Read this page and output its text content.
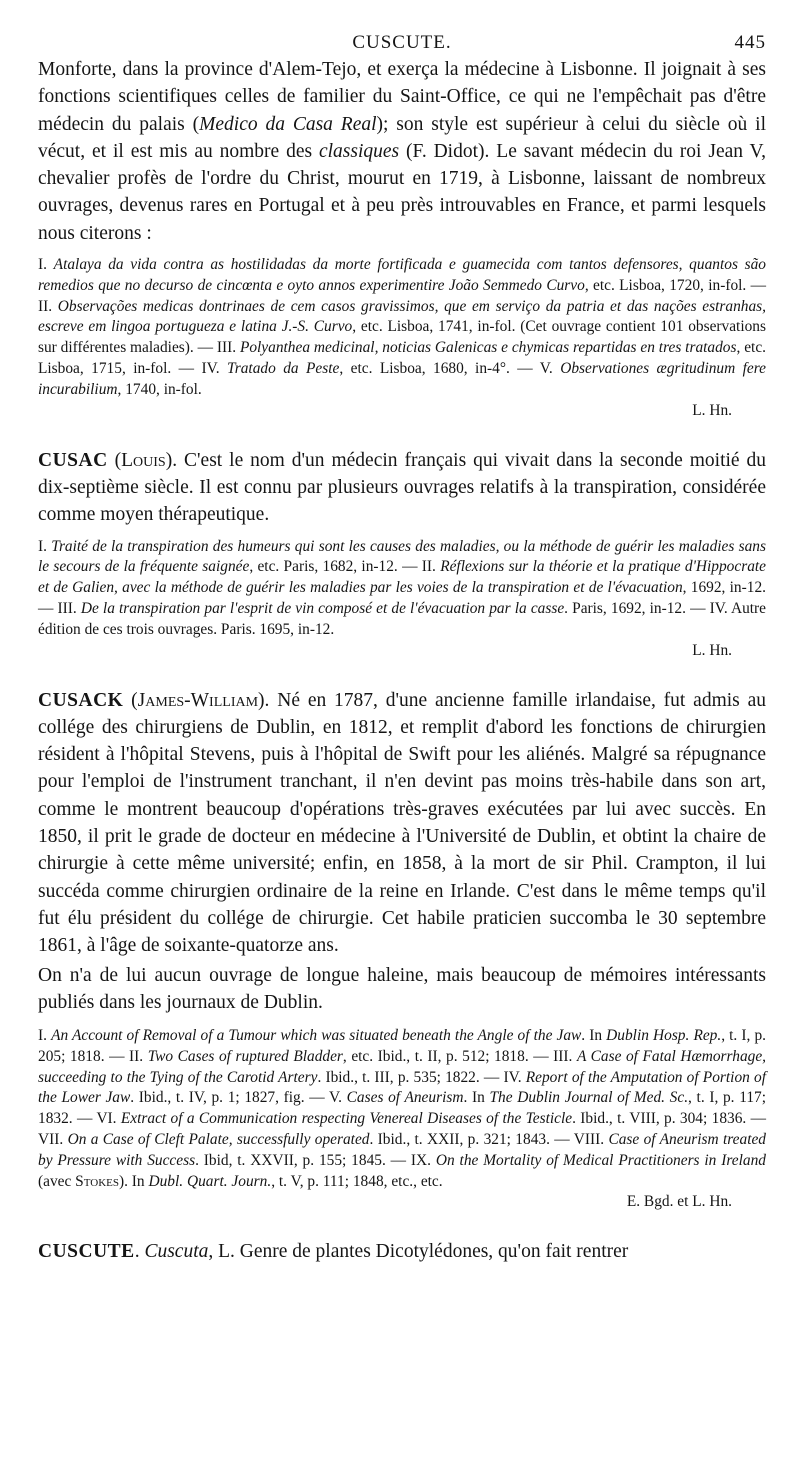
CUSCUTE.	445

Monforte, dans la province d'Alem-Tejo, et exerça la médecine à Lisbonne. Il joignait à ses fonctions scientifiques celles de familier du Saint-Office, ce qui ne l'empêchait pas d'être médecin du palais (Medico da Casa Real); son style est supérieur à celui du siècle où il vécut, et il est mis au nombre des classiques (F. Didot). Le savant médecin du roi Jean V, chevalier profès de l'ordre du Christ, mourut en 1719, à Lisbonne, laissant de nombreux ouvrages, devenus rares en Portugal et à peu près introuvables en France, et parmi lesquels nous citerons :

I. Atalaya da vida contra as hostilidadas da morte fortificada e guamecida com tantos defensores, quantos são remedios que no decurso de cincœnta e oyto annos experimentire João Semmedo Curvo, etc. Lisboa, 1720, in-fol. — II. Observações medicas dontrinaes de cem casos gravissimos, que em serviço da patria et das nações estranhas, escreve em lingoa portugueza e latina J.-S. Curvo, etc. Lisboa, 1741, in-fol. (Cet ouvrage contient 101 observations sur différentes maladies). — III. Polyanthea medicinal, noticias Galenicas e chymicas repartidas en tres tratados, etc. Lisboa, 1715, in-fol. — IV. Tratado da Peste, etc. Lisboa, 1680, in-4°. — V. Observationes ægritudinum fere incurabilium, 1740, in-fol.

L. Hn.

CUSAC (Louis). C'est le nom d'un médecin français qui vivait dans la seconde moitié du dix-septième siècle. Il est connu par plusieurs ouvrages relatifs à la transpiration, considérée comme moyen thérapeutique.

I. Traité de la transpiration des humeurs qui sont les causes des maladies, ou la méthode de guérir les maladies sans le secours de la fréquente saignée, etc. Paris, 1682, in-12. — II. Réflexions sur la théorie et la pratique d'Hippocrate et de Galien, avec la méthode de guérir les maladies par les voies de la transpiration et de l'évacuation, 1692, in-12. — III. De la transpiration par l'esprit de vin composé et de l'évacuation par la casse. Paris, 1692, in-12. — IV. Autre édition de ces trois ouvrages. Paris. 1695, in-12.

L. Hn.

CUSACK (James-William). Né en 1787, d'une ancienne famille irlandaise, fut admis au collége des chirurgiens de Dublin, en 1812, et remplit d'abord les fonctions de chirurgien résident à l'hôpital Stevens, puis à l'hôpital de Swift pour les aliénés. Malgré sa répugnance pour l'emploi de l'instrument tranchant, il n'en devint pas moins très-habile dans son art, comme le montrent beaucoup d'opérations très-graves exécutées par lui avec succès. En 1850, il prit le grade de docteur en médecine à l'Université de Dublin, et obtint la chaire de chirurgie à cette même université; enfin, en 1858, à la mort de sir Phil. Crampton, il lui succéda comme chirurgien ordinaire de la reine en Irlande. C'est dans le même temps qu'il fut élu président du collége de chirurgie. Cet habile praticien succomba le 30 septembre 1861, à l'âge de soixante-quatorze ans.

On n'a de lui aucun ouvrage de longue haleine, mais beaucoup de mémoires intéressants publiés dans les journaux de Dublin.

I. An Account of Removal of a Tumour which was situated beneath the Angle of the Jaw. In Dublin Hosp. Rep., t. I, p. 205; 1818. — II. Two Cases of ruptured Bladder, etc. Ibid., t. II, p. 512; 1818. — III. A Case of Fatal Hæmorrhage, succeeding to the Tying of the Carotid Artery. Ibid., t. III, p. 535; 1822. — IV. Report of the Amputation of Portion of the Lower Jaw. Ibid., t. IV, p. 1; 1827, fig. — V. Cases of Aneurism. In The Dublin Journal of Med. Sc., t. I, p. 117; 1832. — VI. Extract of a Communication respecting Venereal Diseases of the Testicle. Ibid., t. VIII, p. 304; 1836. — VII. On a Case of Cleft Palate, successfully operated. Ibid., t. XXII, p. 321; 1843. — VIII. Case of Aneurism treated by Pressure with Success. Ibid, t. XXVII, p. 155; 1845. — IX. On the Mortality of Medical Practitioners in Ireland (avec Stokes). In Dubl. Quart. Journ., t. V, p. 111; 1848, etc., etc.

E. Bgd. et L. Hn.

CUSCUTE. Cuscuta, L. Genre de plantes Dicotylédones, qu'on fait rentrer
